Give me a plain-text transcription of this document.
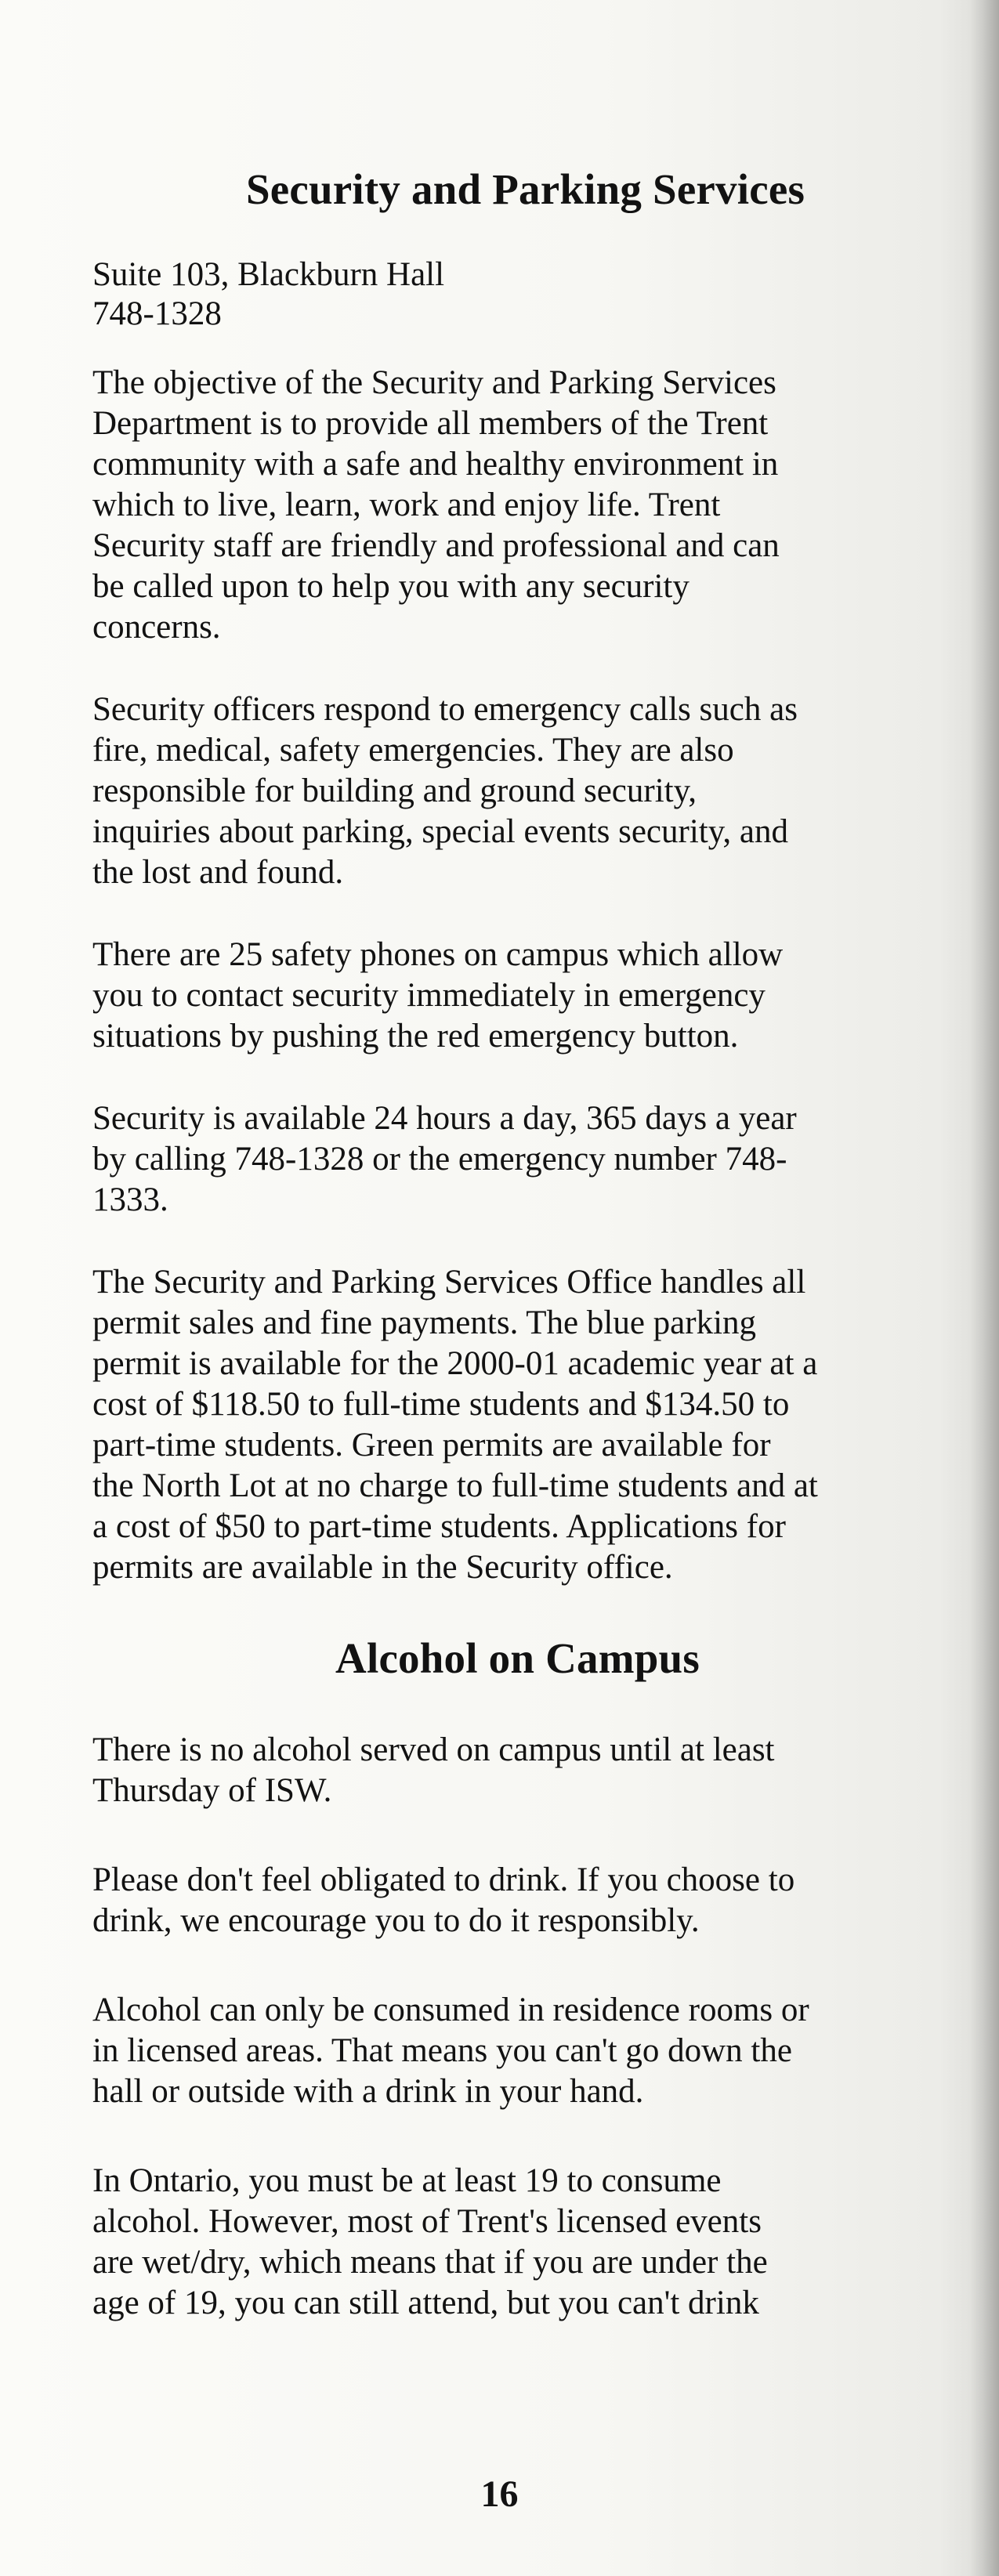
Security and Parking Services
Suite 103, Blackburn Hall
748-1328

The objective of the Security and Parking Services
Department is to provide all members of the Trent
community with a safe and healthy environment in
which to live, learn, work and enjoy life. Trent
Security staff are friendly and professional and can
be called upon to help you with any security
concerns.

Security officers respond to emergency calls such as
fire, medical, safety emergencies. They are also
responsible for building and ground security,
inquiries about parking, special events security, and
the lost and found.

There are 25 safety phones on campus which allow
you to contact security immediately in emergency
situations by pushing the red emergency button.

Security is available 24 hours a day, 365 days a year
by calling 748-1328 or the emergency number 748-
1333.

The Security and Parking Services Office handles all
permit sales and fine payments. The blue parking
permit is available for the 2000-01 academic year at a
cost of $118.50 to full-time students and $134.50 to
part-time students. Green permits are available for
the North Lot at no charge to full-time students and at
a cost of $50 to part-time students. Applications for
permits are available in the Security office.

Alcohol on Campus

There is no alcohol served on campus until at least
Thursday of ISW.

Please don't feel obligated to drink. If you choose to
drink, we encourage you to do it responsibly.

Alcohol can only be consumed in residence rooms or
in licensed areas. That means you can't go down the
hall or outside with a drink in your hand.

In Ontario, you must be at least 19 to consume
alcohol. However, most of Trent's licensed events
are wet/dry, which means that if you are under the
age of 19, you can still attend, but you can't drink

16
